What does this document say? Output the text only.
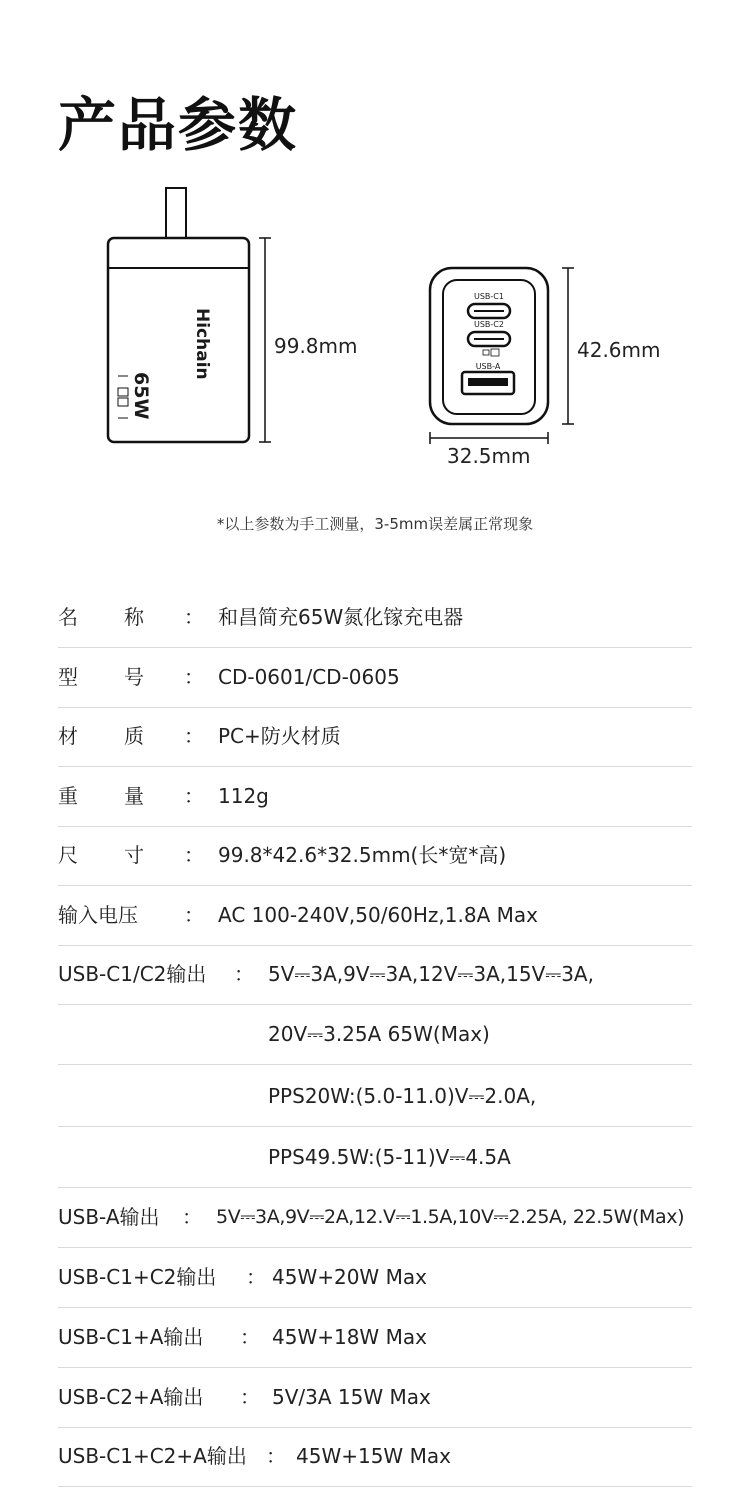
产品参数
Hichain
65W
USB-C1
USB-C2
USB-A
99.8mm	42.6mm
32.5mm
*以上参数为手工测量，3-5mm误差属正常现象
名 称 ： 和昌简充65W氮化镓充电器
型 号 ： CD-0601/CD-0605
材 质 ： PC+防火材质
重 量 ： 112g
尺 寸 ： 99.8*42.6*32.5mm(长*宽*高)
输入电压 ： AC 100-240V,50/60Hz,1.8A Max
USB-C1/C2输出 ： 5V⎓3A,9V⎓3A,12V⎓3A,15V⎓3A,
20V⎓3.25A 65W(Max)
PPS20W:(5.0-11.0)V⎓2.0A,
PPS49.5W:(5-11)V⎓4.5A
USB-A输出 ： 5V⎓3A,9V⎓2A,12.V⎓1.5A,10V⎓2.25A, 22.5W(Max)
USB-C1+C2输出 ： 45W+20W Max
USB-C1+A输出 ： 45W+18W Max
USB-C2+A输出 ： 5V/3A 15W Max
USB-C1+C2+A输出 ： 45W+15W Max
